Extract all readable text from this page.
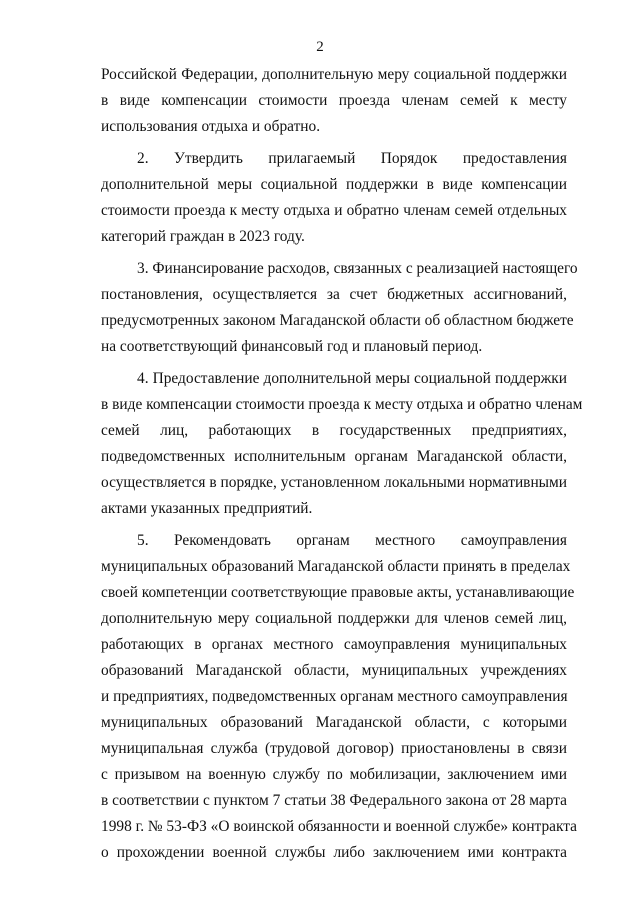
2
Российской Федерации, дополнительную меру социальной поддержки
в виде компенсации стоимости проезда членам семей к месту
использования отдыха и обратно.
2. Утвердить прилагаемый Порядок предоставления
дополнительной меры социальной поддержки в виде компенсации
стоимости проезда к месту отдыха и обратно членам семей отдельных
категорий граждан в 2023 году.
3. Финансирование расходов, связанных с реализацией настоящего
постановления, осуществляется за счет бюджетных ассигнований,
предусмотренных законом Магаданской области об областном бюджете
на соответствующий финансовый год и плановый период.
4. Предоставление дополнительной меры социальной поддержки
в виде компенсации стоимости проезда к месту отдыха и обратно членам
семей лиц, работающих в государственных предприятиях,
подведомственных исполнительным органам Магаданской области,
осуществляется в порядке, установленном локальными нормативными
актами указанных предприятий.
5. Рекомендовать органам местного самоуправления
муниципальных образований Магаданской области принять в пределах
своей компетенции соответствующие правовые акты, устанавливающие
дополнительную меру социальной поддержки для членов семей лиц,
работающих в органах местного самоуправления муниципальных
образований Магаданской области, муниципальных учреждениях
и предприятиях, подведомственных органам местного самоуправления
муниципальных образований Магаданской области, с которыми
муниципальная служба (трудовой договор) приостановлены в связи
с призывом на военную службу по мобилизации, заключением ими
в соответствии с пунктом 7 статьи 38 Федерального закона от 28 марта
1998 г. № 53-ФЗ «О воинской обязанности и военной службе» контракта
о прохождении военной службы либо заключением ими контракта
